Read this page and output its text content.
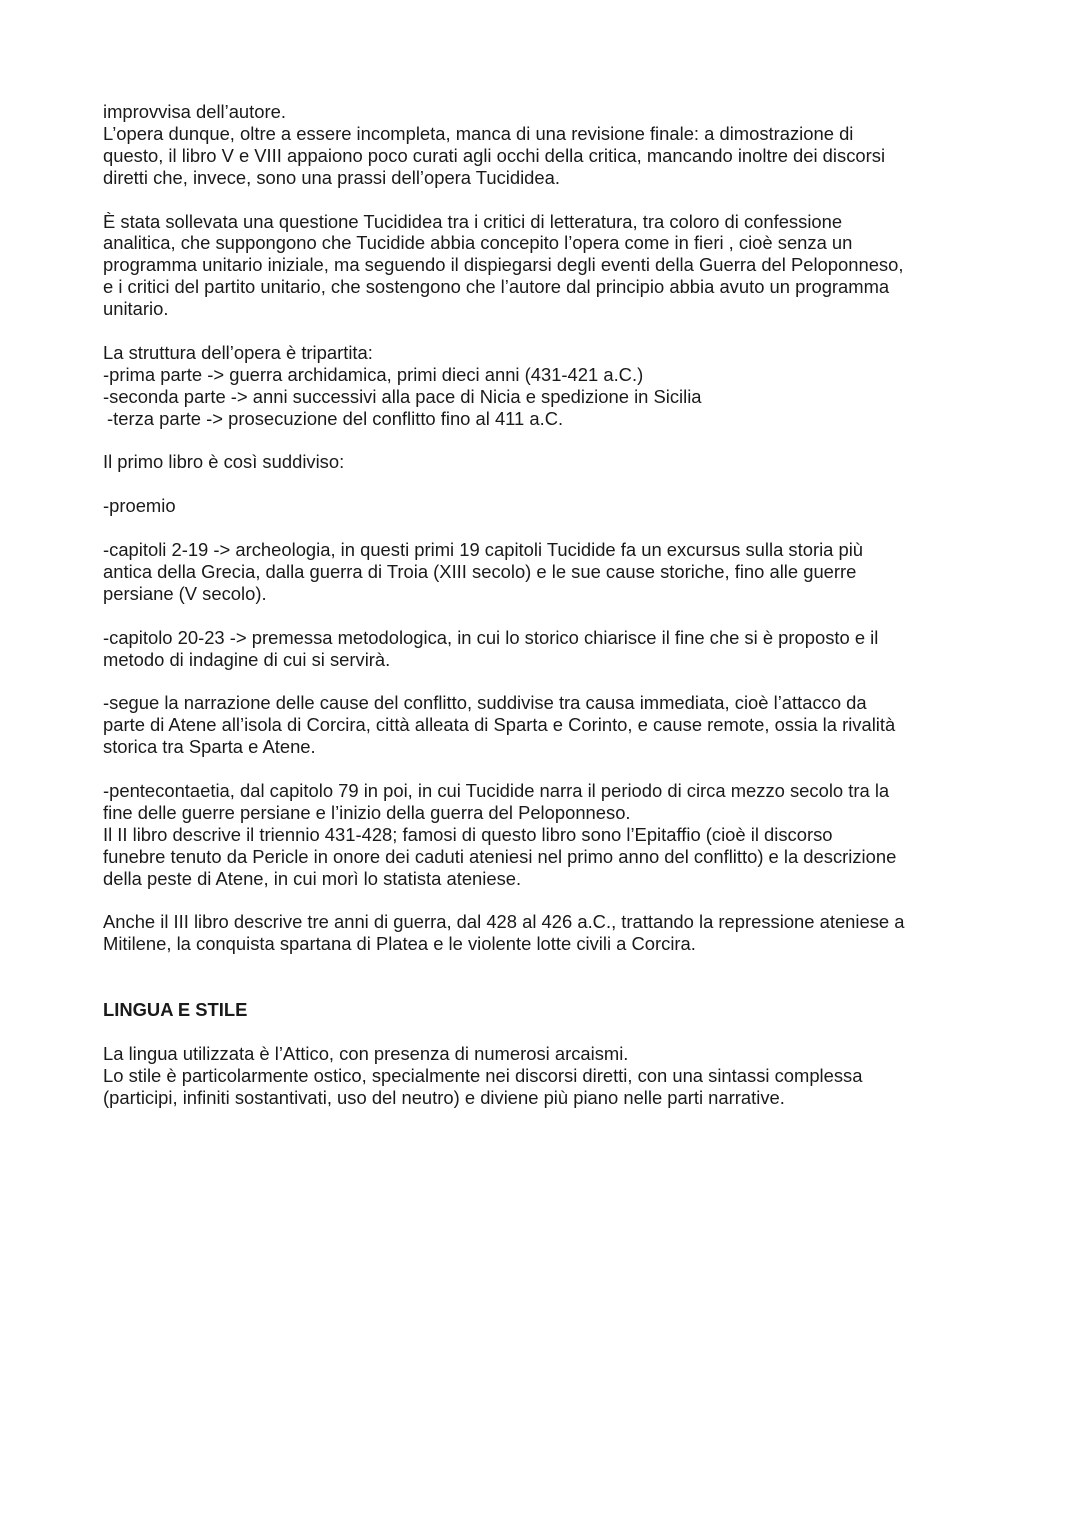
improvvisa dell’autore.

L’opera dunque, oltre a essere incompleta, manca di una revisione finale: a dimostrazione di

questo, il libro V e VIII appaiono poco curati agli occhi della critica, mancando inoltre dei discorsi

diretti che, invece, sono una prassi dell’opera Tucididea.

È stata sollevata una questione Tucididea tra i critici di letteratura, tra coloro di confessione

analitica, che suppongono che Tucidide abbia concepito l’opera come in fieri , cioè senza un

programma unitario iniziale, ma seguendo il dispiegarsi degli eventi della Guerra del Peloponneso,

e i critici del partito unitario, che sostengono che l’autore dal principio abbia avuto un programma

unitario.

La struttura dell’opera è tripartita:

-prima parte -> guerra archidamica, primi dieci anni (431-421 a.C.)

-seconda parte -> anni successivi alla pace di Nicia e spedizione in Sicilia

-terza parte -> prosecuzione del conflitto fino al 411 a.C.

Il primo libro è così suddiviso:

-proemio

-capitoli 2-19 -> archeologia, in questi primi 19 capitoli Tucidide fa un excursus sulla storia più

antica della Grecia, dalla guerra di Troia (XIII secolo) e le sue cause storiche, fino alle guerre

persiane (V secolo).

-capitolo 20-23 -> premessa metodologica, in cui lo storico chiarisce il fine che si è proposto e il

metodo di indagine di cui si servirà.

-segue la narrazione delle cause del conflitto, suddivise tra causa immediata, cioè l’attacco da

parte di Atene all’isola di Corcira, città alleata di Sparta e Corinto, e cause remote, ossia la rivalità

storica tra Sparta e Atene.

-pentecontaetia, dal capitolo 79 in poi, in cui Tucidide narra il periodo di circa mezzo secolo tra la

fine delle guerre persiane e l’inizio della guerra del Peloponneso.

Il II libro descrive il triennio 431-428; famosi di questo libro sono l’Epitaffio (cioè il discorso

funebre tenuto da Pericle in onore dei caduti ateniesi nel primo anno del conflitto) e la descrizione

della peste di Atene, in cui morì lo statista ateniese.

Anche il III libro descrive tre anni di guerra, dal 428 al 426 a.C., trattando la repressione ateniese a

Mitilene, la conquista spartana di Platea e le violente lotte civili a Corcira.

LINGUA E STILE

La lingua utilizzata è l’Attico, con presenza di numerosi arcaismi.

Lo stile è particolarmente ostico, specialmente nei discorsi diretti, con una sintassi complessa

(participi, infiniti sostantivati, uso del neutro) e diviene più piano nelle parti narrative.
